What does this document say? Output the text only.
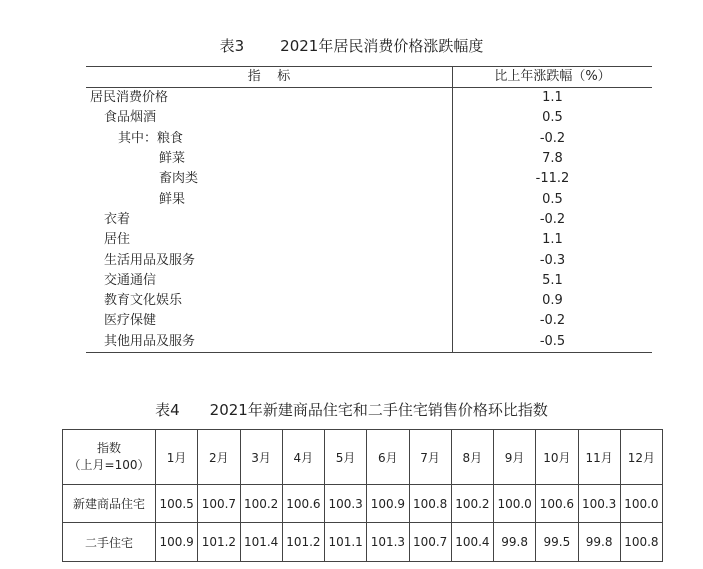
表3 2021年居民消费价格涨跌幅度
指    标	比上年涨跌幅（%）
居民消费价格	1.1
食品烟酒	0.5
其中：粮食	-0.2
鲜菜	7.8
畜肉类	-11.2
鲜果	0.5
衣着	-0.2
居住	1.1
生活用品及服务	-0.3
交通通信	5.1
教育文化娱乐	0.9
医疗保健	-0.2
其他用品及服务	-0.5
表4 2021年新建商品住宅和二手住宅销售价格环比指数
指数
（上月=100）	1月	2月	3月	4月	5月	6月	7月	8月	9月	10月	11月	12月
新建商品住宅	100.5	100.7	100.2	100.6	100.3	100.9	100.8	100.2	100.0	100.6	100.3	100.0
二手住宅	100.9	101.2	101.4	101.2	101.1	101.3	100.7	100.4	99.8	99.5	99.8	100.8
